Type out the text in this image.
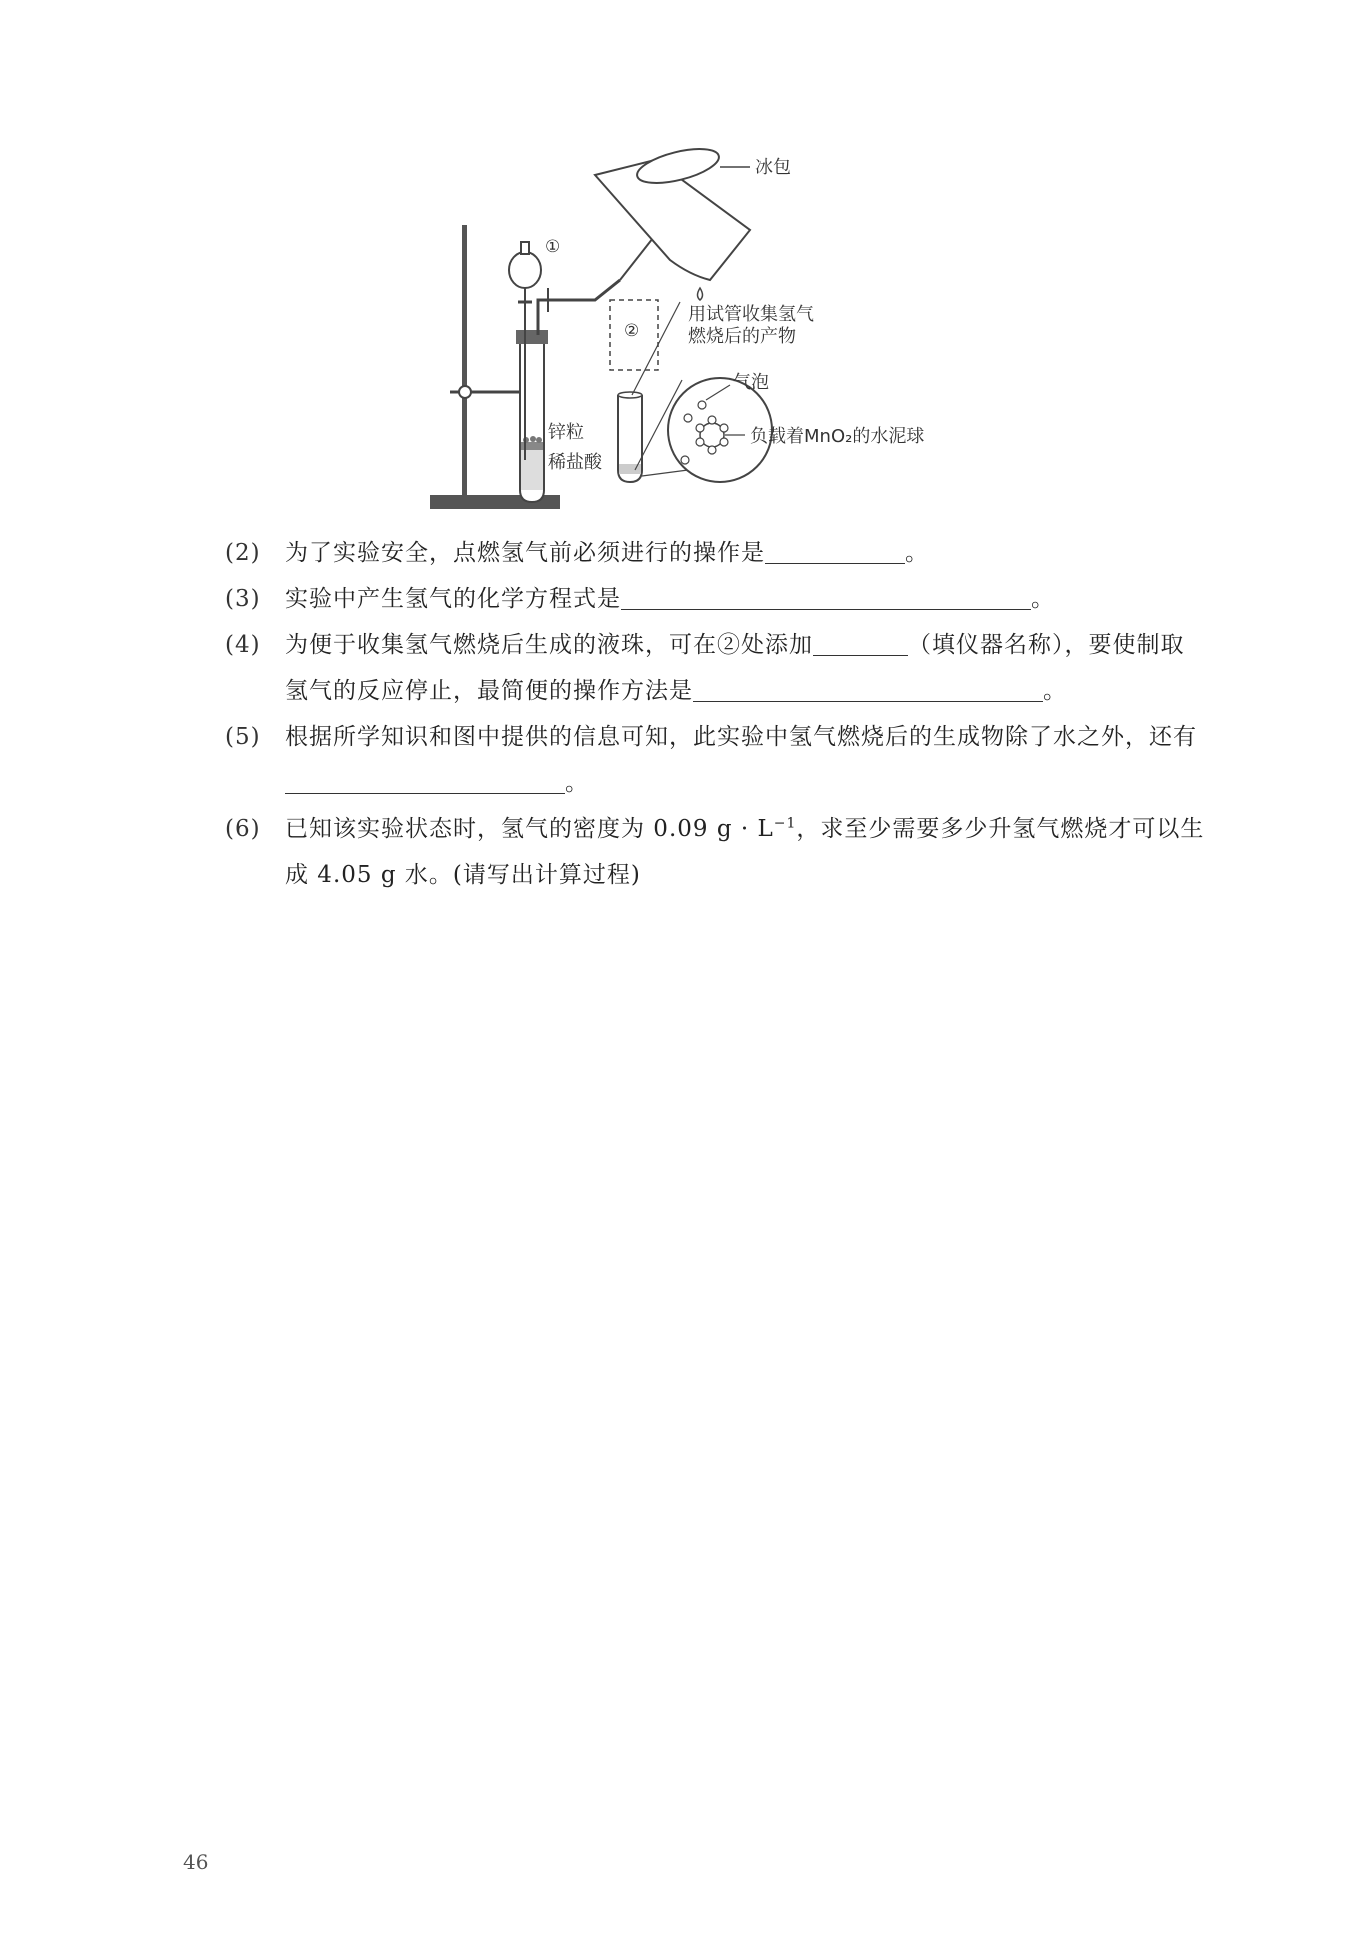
冰包
①
②
用试管收集氢气
燃烧后的产物
气泡
负载着MnO₂的水泥球
锌粒
稀盐酸
(2)	为了实验安全，点燃氢气前必须进行的操作是	。
(3)	实验中产生氢气的化学方程式是	。
(4)	为便于收集氢气燃烧后生成的液珠，可在②处添加	（填仪器名称），要使制取氢气的反应停止，最简便的操作方法是	。
(5)	根据所学知识和图中提供的信息可知，此实验中氢气燃烧后的生成物除了水之外，还有。
(6)	已知该实验状态时，氢气的密度为 0.09 $g \cdot L^{-1}$，求至少需要多少升氢气燃烧才可以生成 4.05 g 水。(请写出计算过程)
46
